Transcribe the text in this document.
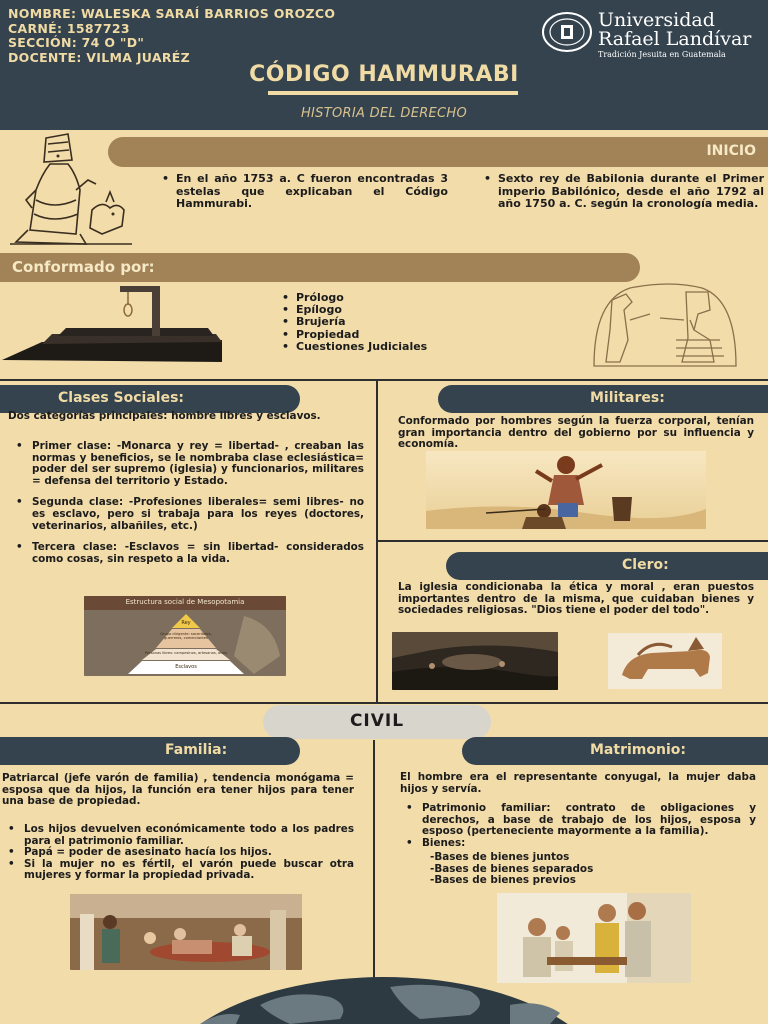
NOMBRE: WALESKA SARAÍ BARRIOS OROZCO
CARNÉ: 1587723
SECCIÓN: 74 O "D"
DOCENTE: VILMA JUARÉZ
Universidad
Rafael Landívar
Tradición Jesuita en Guatemala
CÓDIGO HAMMURABI
HISTORIA DEL DERECHO
INICIO
• En el año 1753 a. C fueron encontradas 3 estelas que explicaban el Código Hammurabi.
• Sexto rey de Babilonia durante el Primer imperio Babilónico, desde el año 1792 al año 1750 a. C. según la cronología media.
Conformado por:
• Prólogo
• Epílogo
• Brujería
• Propiedad
• Cuestiones Judiciales
Clases Sociales:
Dos categorías principales: hombre libres y esclavos.
• Primer clase: -Monarca y rey = libertad- , creaban las normas y beneficios, se le nombraba clase eclesiástica= poder del ser supremo (iglesia) y funcionarios, militares = defensa del territorio y Estado.
• Segunda clase: -Profesiones liberales= semi libres- no es esclavo, pero si trabaja para los reyes (doctores, veterinarios, albañiles, etc.)
• Tercera clase: -Esclavos = sin libertad- considerados como cosas, sin respeto a la vida.
Estructura social de Mesopotamia
Rey
Grupo dirigente: sacerdotes, guerreros, comerciantes
Personas libres: campesinos, artesanos, otros
Esclavos
Militares:
Conformado por hombres según la fuerza corporal, tenían gran importancia dentro del gobierno por su influencia y economía.
Clero:
La iglesia condicionaba la ética y moral , eran puestos importantes dentro de la misma, que cuidaban bienes y sociedades religiosas. "Dios tiene el poder del todo".
CIVIL
Familia:
Patriarcal (jefe varón de familia) , tendencia monógama = esposa que da hijos, la función era tener hijos para tener una base de propiedad.
• Los hijos devuelven económicamente todo a los padres para el patrimonio familiar.
• Papá = poder de asesinato hacía los hijos.
• Si la mujer no es fértil, el varón puede buscar otra mujeres y formar la propiedad privada.
Matrimonio:
El hombre era el representante conyugal, la mujer daba hijos y servía.
• Patrimonio familiar: contrato de obligaciones y derechos, a base de trabajo de los hijos, esposa y esposo (perteneciente mayormente a la familia).
• Bienes:
-Bases de bienes juntos
-Bases de bienes separados
-Bases de bienes previos
